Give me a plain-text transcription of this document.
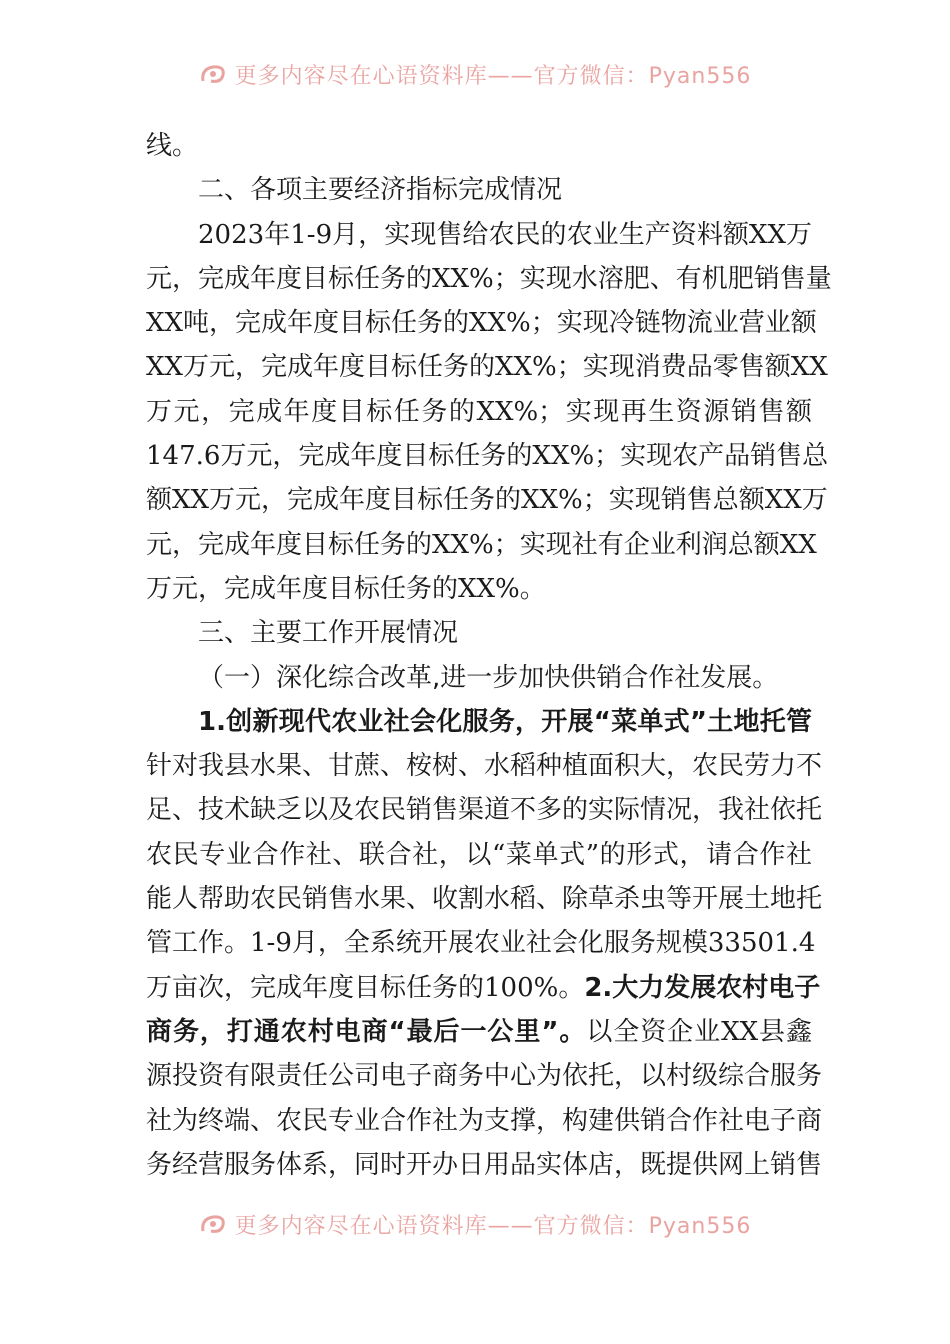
更多内容尽在心语资料库——官方微信：Pyan556
线。
二、各项主要经济指标完成情况
2023年1-9月，实现售给农民的农业生产资料额XX万
元，完成年度目标任务的XX%；实现水溶肥、有机肥销售量
XX吨，完成年度目标任务的XX%；实现冷链物流业营业额
XX万元，完成年度目标任务的XX%；实现消费品零售额XX
万元，完成年度目标任务的XX%；实现再生资源销售额
147.6万元，完成年度目标任务的XX%；实现农产品销售总
额XX万元，完成年度目标任务的XX%；实现销售总额XX万
元，完成年度目标任务的XX%；实现社有企业利润总额XX
万元，完成年度目标任务的XX%。
三、主要工作开展情况
（一）深化综合改革,进一步加快供销合作社发展。
1.创新现代农业社会化服务，开展“菜单式”土地托管
针对我县水果、甘蔗、桉树、水稻种植面积大，农民劳力不
足、技术缺乏以及农民销售渠道不多的实际情况，我社依托
农民专业合作社、联合社，以“菜单式”的形式，请合作社
能人帮助农民销售水果、收割水稻、除草杀虫等开展土地托
管工作。1-9月，全系统开展农业社会化服务规模33501.4
万亩次，完成年度目标任务的100%。2.大力发展农村电子
商务，打通农村电商“最后一公里”。以全资企业XX县鑫
源投资有限责任公司电子商务中心为依托，以村级综合服务
社为终端、农民专业合作社为支撑，构建供销合作社电子商
务经营服务体系，同时开办日用品实体店，既提供网上销售
更多内容尽在心语资料库——官方微信：Pyan556
